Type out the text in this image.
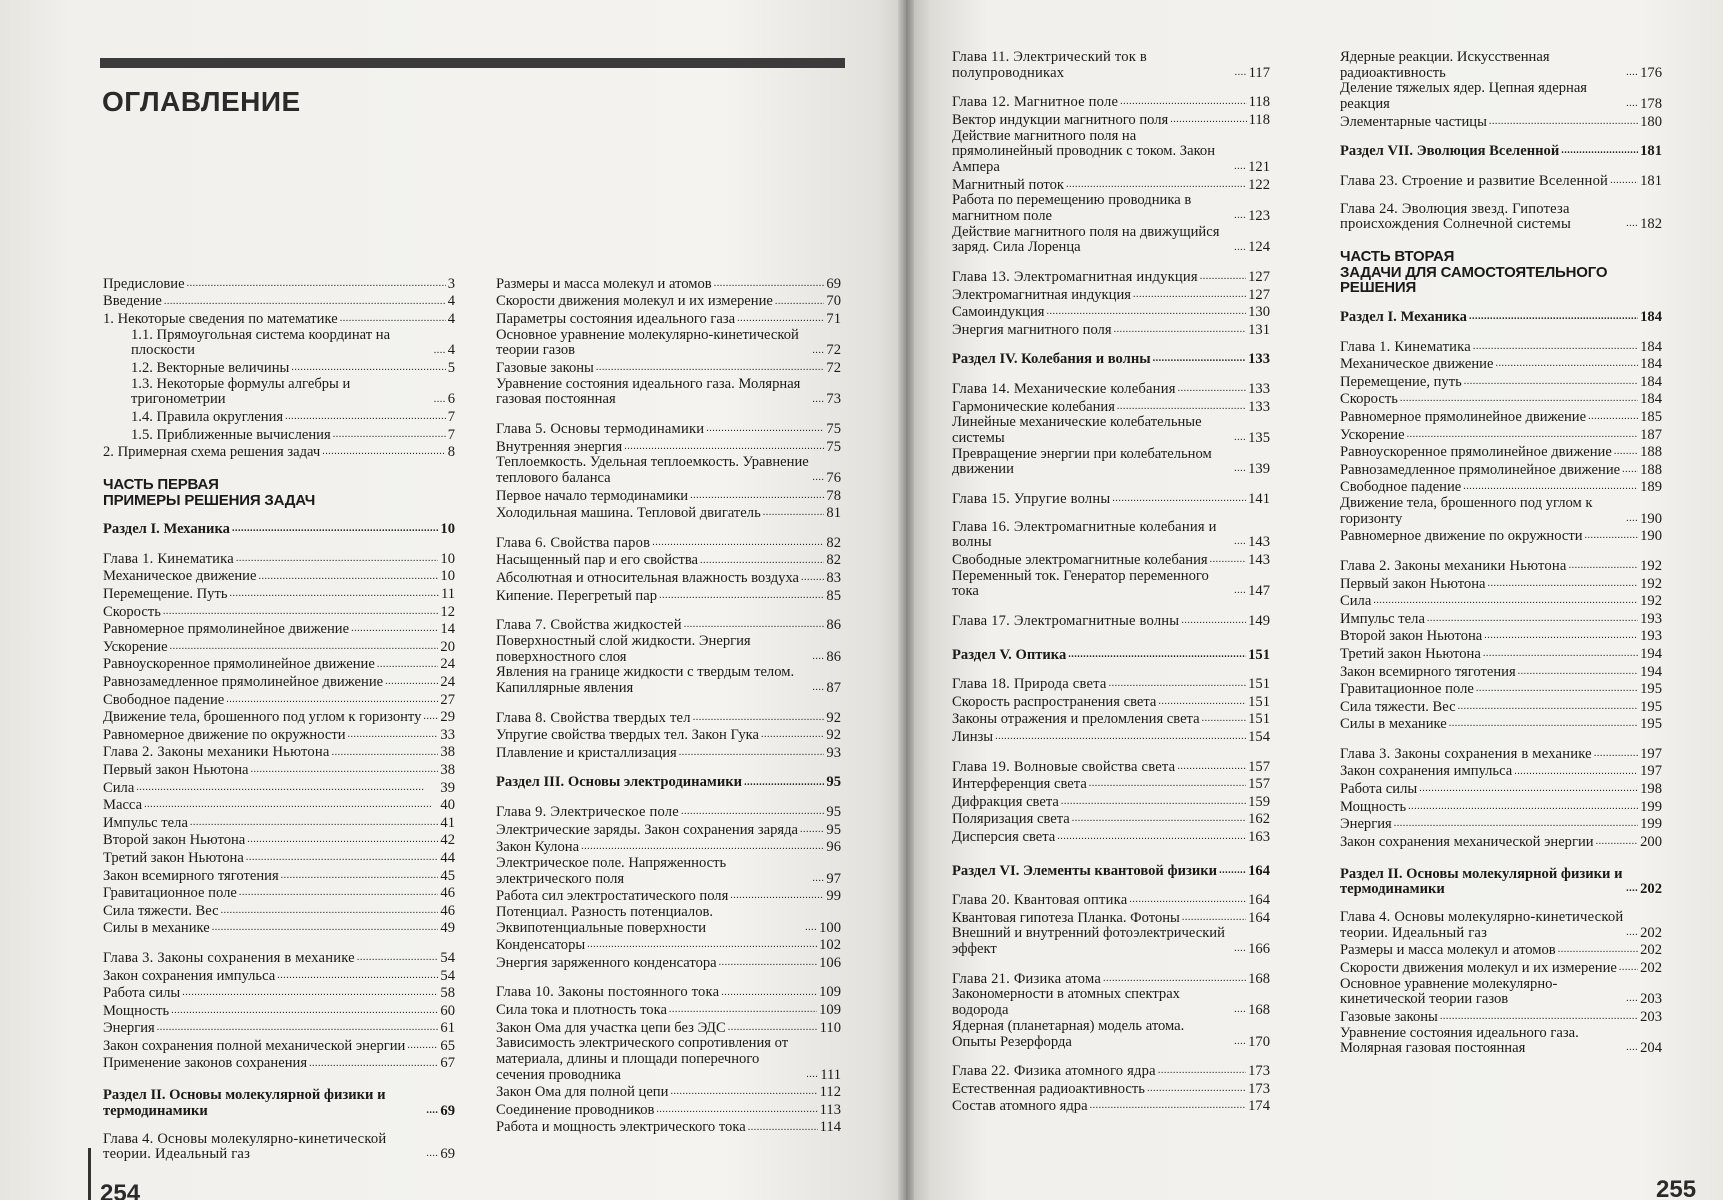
ОГЛАВЛЕНИЕ
254	255
Предисловие . . .	3
Введение . . .	4
1. Некоторые сведения по математике . . .	4
1.1. Прямоугольная система координат на плоскости . . .	4
1.2. Векторные величины . . .	5
1.3. Некоторые формулы алгебры и тригонометрии . . .	6
1.4. Правила округления . . .	7
1.5. Приближенные вычисления . . .	7
2. Примерная схема решения задач . . .	8
ЧАСТЬ ПЕРВАЯ
ПРИМЕРЫ РЕШЕНИЯ ЗАДАЧ
Раздел I. Механика . . .	10
Глава 1. Кинематика . . .	10
Механическое движение . . .	10
Перемещение. Путь . . .	11
Скорость . . .	12
Равномерное прямолинейное движение . . .	14
Ускорение . . .	20
Равноускоренное прямолинейное движение . . .	24
Равнозамедленное прямолинейное движение . . .	24
Свободное падение . . .	27
Движение тела, брошенного под углом к горизонту . . . 29
Равномерное движение по окружности . . .	33
Глава 2. Законы механики Ньютона . . .	38
Первый закон Ньютона . . .	38
Сила . . .	39
Масса . . .	40
Импульс тела . . .	41
Второй закон Ньютона . . .	42
Третий закон Ньютона . . .	44
Закон всемирного тяготения . . .	45
Гравитационное поле . . .	46
Сила тяжести. Вес . . .	46
Силы в механике . . .	49
Глава 3. Законы сохранения в механике . . .	54
Закон сохранения импульса . . .	54
Работа силы . . .	58
Мощность . . .	60
Энергия . . .	61
Закон сохранения полной механической энергии . . . 65
Применение законов сохранения . . .	67
Раздел II. Основы молекулярной физики и термодинамики . . .	69
Глава 4. Основы молекулярно-кинетической теории. Идеальный газ . . .	69
Размеры и масса молекул и атомов . . .	69
Скорости движения молекул и их измерение . . .	70
Параметры состояния идеального газа . . .	71
Основное уравнение молекулярно-кинетической теории газов . . .	72
Газовые законы . . .	72
Уравнение состояния идеального газа. Молярная газовая постоянная . . .	73
Глава 5. Основы термодинамики . . .	75
Внутренняя энергия . . .	75
Теплоемкость. Удельная теплоемкость. Уравнение теплового баланса . . .	76
Первое начало термодинамики . . .	78
Холодильная машина. Тепловой двигатель . . .	81
Глава 6. Свойства паров . . .	82
Насыщенный пар и его свойства . . .	82
Абсолютная и относительная влажность воздуха . . . 83
Кипение. Перегретый пар . . .	85
Глава 7. Свойства жидкостей . . .	86
Поверхностный слой жидкости. Энергия поверхностного слоя . . .	86
Явления на границе жидкости с твердым телом. Капиллярные явления . . .	87
Глава 8. Свойства твердых тел . . .	92
Упругие свойства твердых тел. Закон Гука . . .	92
Плавление и кристаллизация . . .	93
Раздел III. Основы электродинамики . . .	95
Глава 9. Электрическое поле . . .	95
Электрические заряды. Закон сохранения заряда . . . 95
Закон Кулона . . .	96
Электрическое поле. Напряженность электрического поля . . .	97
Работа сил электростатического поля . . .	99
Потенциал. Разность потенциалов. Эквипотенциальные поверхности . . .	100
Конденсаторы . . .	102
Энергия заряженного конденсатора . . .	106
Глава 10. Законы постоянного тока . . .	109
Сила тока и плотность тока . . .	109
Закон Ома для участка цепи без ЭДС . . .	110
Зависимость электрического сопротивления от материала, длины и площади поперечного сечения проводника . . .	111
Закон Ома для полной цепи . . .	112
Соединение проводников . . .	113
Работа и мощность электрического тока . . .	114
Глава 11. Электрический ток в полупроводниках . . .	117
Глава 12. Магнитное поле . . .	118
Вектор индукции магнитного поля . . .	118
Действие магнитного поля на прямолинейный проводник с током. Закон Ампера . . .	121
Магнитный поток . . .	122
Работа по перемещению проводника в магнитном поле . . .	123
Действие магнитного поля на движущийся заряд. Сила Лоренца . . .	124
Глава 13. Электромагнитная индукция . . .	127
Электромагнитная индукция . . .	127
Самоиндукция . . .	130
Энергия магнитного поля . . .	131
Раздел IV. Колебания и волны . . .	133
Глава 14. Механические колебания . . .	133
Гармонические колебания . . .	133
Линейные механические колебательные системы . . .	135
Превращение энергии при колебательном движении . . .	139
Глава 15. Упругие волны . . .	141
Глава 16. Электромагнитные колебания и волны . . .	143
Свободные электромагнитные колебания . . .	143
Переменный ток. Генератор переменного тока . . .	147
Глава 17. Электромагнитные волны . . .	149
Раздел V. Оптика . . .	151
Глава 18. Природа света . . .	151
Скорость распространения света . . .	151
Законы отражения и преломления света . . .	151
Линзы . . .	154
Глава 19. Волновые свойства света . . .	157
Интерференция света . . .	157
Дифракция света . . .	159
Поляризация света . . .	162
Дисперсия света . . .	163
Раздел VI. Элементы квантовой физики . . . 164
Глава 20. Квантовая оптика . . .	164
Квантовая гипотеза Планка. Фотоны . . .	164
Внешний и внутренний фотоэлектрический эффект . . .	166
Глава 21. Физика атома . . .	168
Закономерности в атомных спектрах водорода . . .	168
Ядерная (планетарная) модель атома. Опыты Резерфорда . . .	170
Глава 22. Физика атомного ядра . . .	173
Естественная радиоактивность . . .	173
Состав атомного ядра . . .	174
Ядерные реакции. Искусственная радиоактивность . . .	176
Деление тяжелых ядер. Цепная ядерная реакция . . .	178
Элементарные частицы . . .	180
Раздел VII. Эволюция Вселенной . . .	181
Глава 23. Строение и развитие Вселенной . . . 181
Глава 24. Эволюция звезд. Гипотеза происхождения Солнечной системы . . .	182
ЧАСТЬ ВТОРАЯ
ЗАДАЧИ ДЛЯ САМОСТОЯТЕЛЬНОГО
РЕШЕНИЯ
Раздел I. Механика . . .	184
Глава 1. Кинематика . . .	184
Механическое движение . . .	184
Перемещение, путь . . .	184
Скорость . . .	184
Равномерное прямолинейное движение . . .	185
Ускорение . . .	187
Равноускоренное прямолинейное движение . . . 188
Равнозамедленное прямолинейное движение . . . 188
Свободное падение . . .	189
Движение тела, брошенного под углом к горизонту . . .	190
Равномерное движение по окружности . . .	190
Глава 2. Законы механики Ньютона . . .	192
Первый закон Ньютона . . .	192
Сила . . .	192
Импульс тела . . .	193
Второй закон Ньютона . . .	193
Третий закон Ньютона . . .	194
Закон всемирного тяготения . . .	194
Гравитационное поле . . .	195
Сила тяжести. Вес . . .	195
Силы в механике . . .	195
Глава 3. Законы сохранения в механике . . .	197
Закон сохранения импульса . . .	197
Работа силы . . .	198
Мощность . . .	199
Энергия . . .	199
Закон сохранения механической энергии . . .	200
Раздел II. Основы молекулярной физики и термодинамики . . .	202
Глава 4. Основы молекулярно-кинетической теории. Идеальный газ . . .	202
Размеры и масса молекул и атомов . . .	202
Скорости движения молекул и их измерение . . . 202
Основное уравнение молекулярно-кинетической теории газов . . .	203
Газовые законы . . .	203
Уравнение состояния идеального газа. Молярная газовая постоянная . . .	204
